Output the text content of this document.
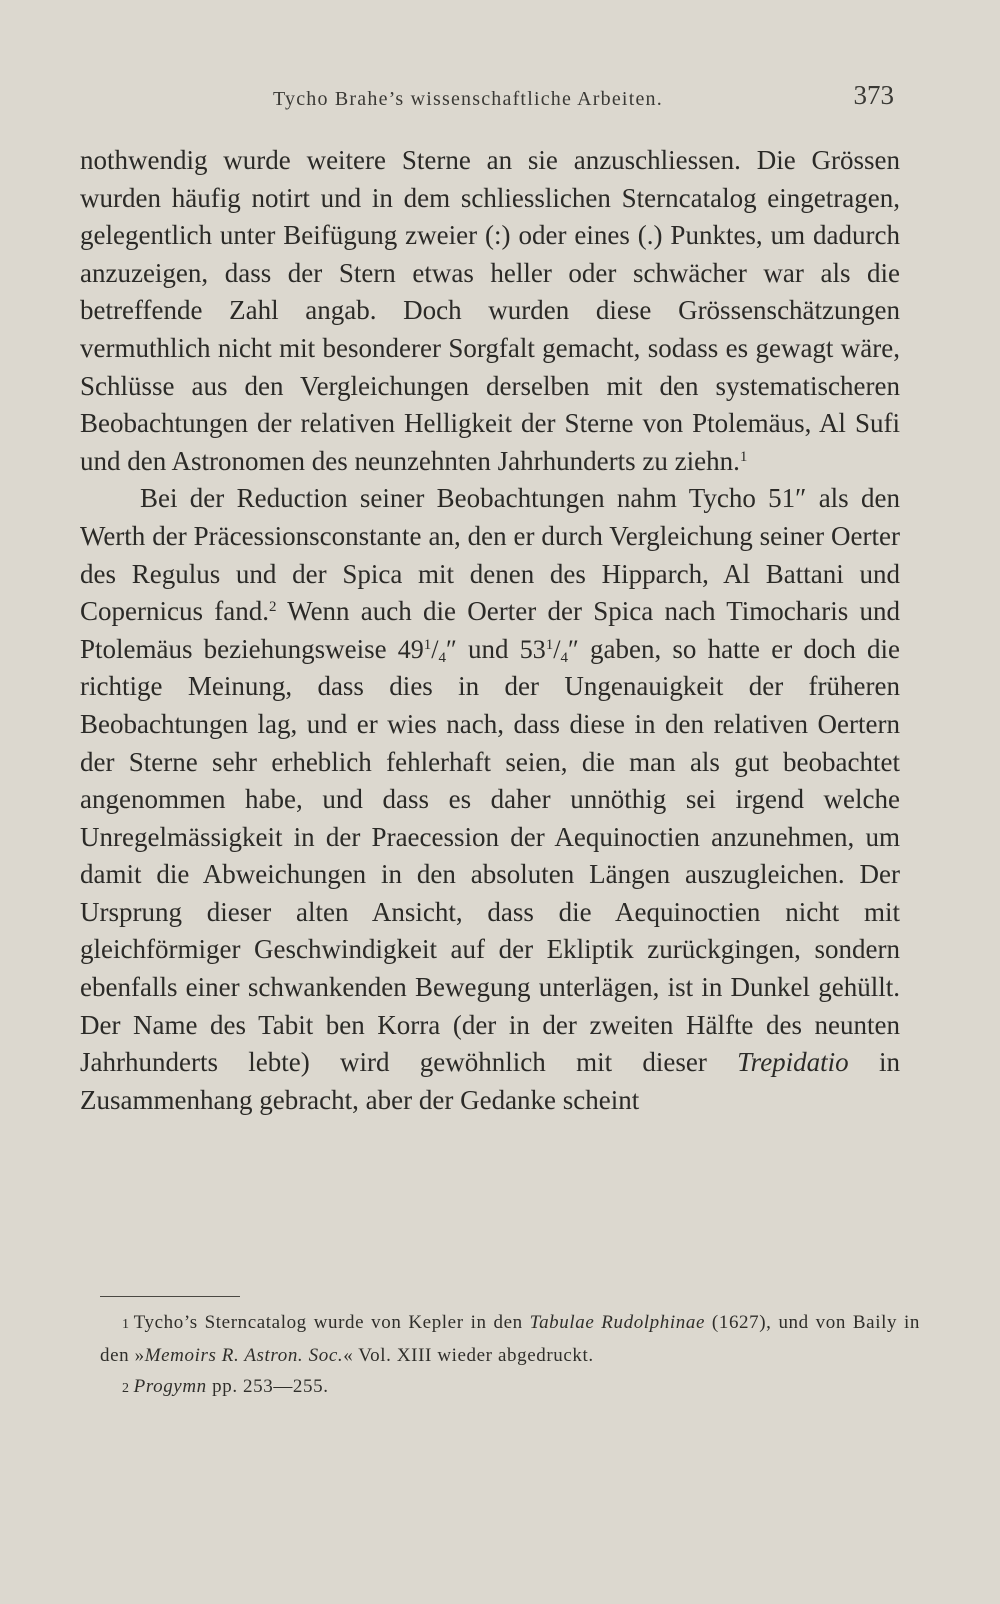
Tycho Brahe’s wissenschaftliche Arbeiten.	373

nothwendig wurde weitere Sterne an sie anzuschliessen. Die Grössen wurden häufig notirt und in dem schliesslichen Sterncatalog eingetragen, gelegentlich unter Beifügung zweier (:) oder eines (.) Punktes, um dadurch anzuzeigen, dass der Stern etwas heller oder schwächer war als die betreffende Zahl angab. Doch wurden diese Grössenschätzungen vermuthlich nicht mit besonderer Sorgfalt gemacht, sodass es gewagt wäre, Schlüsse aus den Vergleichungen derselben mit den systematischeren Beobachtungen der relativen Helligkeit der Sterne von Ptolemäus, Al Sufi und den Astronomen des neunzehnten Jahrhunderts zu ziehn.$^1$

Bei der Reduction seiner Beobachtungen nahm Tycho 51″ als den Werth der Präcessionsconstante an, den er durch Vergleichung seiner Oerter des Regulus und der Spica mit denen des Hipparch, Al Battani und Copernicus fand.$^2$ Wenn auch die Oerter der Spica nach Timocharis und Ptolemäus beziehungsweise $49^1/4''$ und $53^1/4''$ gaben, so hatte er doch die richtige Meinung, dass dies in der Ungenauigkeit der früheren Beobachtungen lag, und er wies nach, dass diese in den relativen Oertern der Sterne sehr erheblich fehlerhaft seien, die man als gut beobachtet angenommen habe, und dass es daher unnöthig sei irgend welche Unregelmässigkeit in der Praecession der Aequinoctien anzunehmen, um damit die Abweichungen in den absoluten Längen auszugleichen. Der Ursprung dieser alten Ansicht, dass die Aequinoctien nicht mit gleichförmiger Geschwindigkeit auf der Ekliptik zurückgingen, sondern ebenfalls einer schwankenden Bewegung unterlägen, ist in Dunkel gehüllt. Der Name des Tabit ben Korra (der in der zweiten Hälfte des neunten Jahrhunderts lebte) wird gewöhnlich mit dieser Trepidatio in Zusammenhang gebracht, aber der Gedanke scheint

1 Tycho’s Sterncatalog wurde von Kepler in den Tabulae Rudolphinae (1627), und von Baily in den »Memoirs R. Astron. Soc.« Vol. XIII wieder abgedruckt.

2 Progymn pp. 253—255.
